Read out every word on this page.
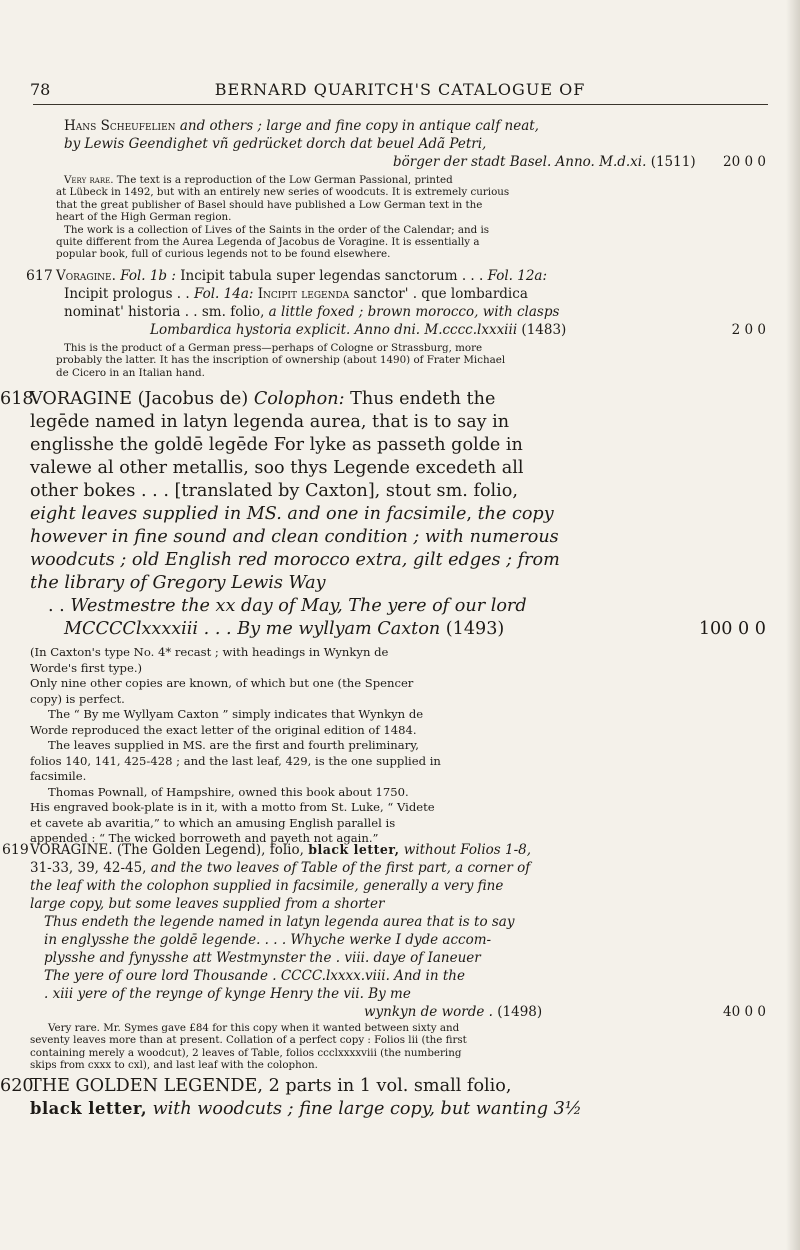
78	BERNARD QUARITCH'S CATALOGUE OF
Hans Scheufelien and others ; large and fine copy in antique calf neat,
by Lewis Geendighet vñ gedrücket dorch dat beuel Adã Petri,
börger der stadt Basel. Anno. M.d.xi. (1511) 20 0 0
Very rare. The text is a reproduction of the Low German Passional, printed
at Lübeck in 1492, but with an entirely new series of woodcuts. It is extremely curious
that the great publisher of Basel should have published a Low German text in the
heart of the High German region.
The work is a collection of Lives of the Saints in the order of the Calendar; and is
quite different from the Aurea Legenda of Jacobus de Voragine. It is essentially a
popular book, full of curious legends not to be found elsewhere.
617 Voragine. Fol. 1b : Incipit tabula super legendas sanctorum . . . Fol. 12a:
Incipit prologus . . Fol. 14a: Incipit legenda sanctor' . que lombardica
nominat' historia . . sm. folio, a little foxed ; brown morocco, with clasps
Lombardica hystoria explicit. Anno dni. M.cccc.lxxxiii (1483)	2 0 0
This is the product of a German press—perhaps of Cologne or Strassburg, more
probably the latter. It has the inscription of ownership (about 1490) of Frater Michael
de Cicero in an Italian hand.
618
VORAGINE (Jacobus de) Colophon: Thus endeth the
legēde named in latyn legenda aurea, that is to say in
englisshe the goldē legēde For lyke as passeth golde in
valewe al other metallis, soo thys Legende excedeth all
other bokes . . . [translated by Caxton], stout sm. folio,
eight leaves supplied in MS. and one in facsimile, the copy
however in fine sound and clean condition ; with numerous
woodcuts ; old English red morocco extra, gilt edges ; from
the library of Gregory Lewis Way
. . Westmestre the xx day of May, The yere of our lord
MCCCClxxxxiii . . . By me wyllyam Caxton (1493)	100 0 0
(In Caxton's type No. 4* recast ; with headings in Wynkyn de
Worde's first type.)
Only nine other copies are known, of which but one (the Spencer
copy) is perfect.
The “ By me Wyllyam Caxton ” simply indicates that Wynkyn de
Worde reproduced the exact letter of the original edition of 1484.
The leaves supplied in MS. are the first and fourth preliminary,
folios 140, 141, 425-428 ; and the last leaf, 429, is the one supplied in
facsimile.
Thomas Pownall, of Hampshire, owned this book about 1750.
His engraved book-plate is in it, with a motto from St. Luke, “ Videte
et cavete ab avaritia,” to which an amusing English parallel is
appended : “ The wicked borroweth and payeth not again.”
619 VORAGINE. (The Golden Legend), folio, black letter, without Folios 1-8,
31-33, 39, 42-45, and the two leaves of Table of the first part, a corner of
the leaf with the colophon supplied in facsimile, generally a very fine
large copy, but some leaves supplied from a shorter
Thus endeth the legende named in latyn legenda aurea that is to say
in englysshe the goldē legende. . . . Whyche werke I dyde accom-
plysshe and fynysshe att Westmynster the . viii. daye of Ianeuer
The yere of oure lord Thousande . CCCC.lxxxx.viii. And in the
. xiii yere of the reynge of kynge Henry the vii. By me
wynkyn de worde . (1498)	40 0 0
Very rare. Mr. Symes gave £84 for this copy when it wanted between sixty and
seventy leaves more than at present. Collation of a perfect copy : Folios lii (the first
containing merely a woodcut), 2 leaves of Table, folios ccclxxxxviii (the numbering
skips from cxxx to cxl), and last leaf with the colophon.
620
THE GOLDEN LEGENDE, 2 parts in 1 vol. small folio,
black letter, with woodcuts ; fine large copy, but wanting 3½
